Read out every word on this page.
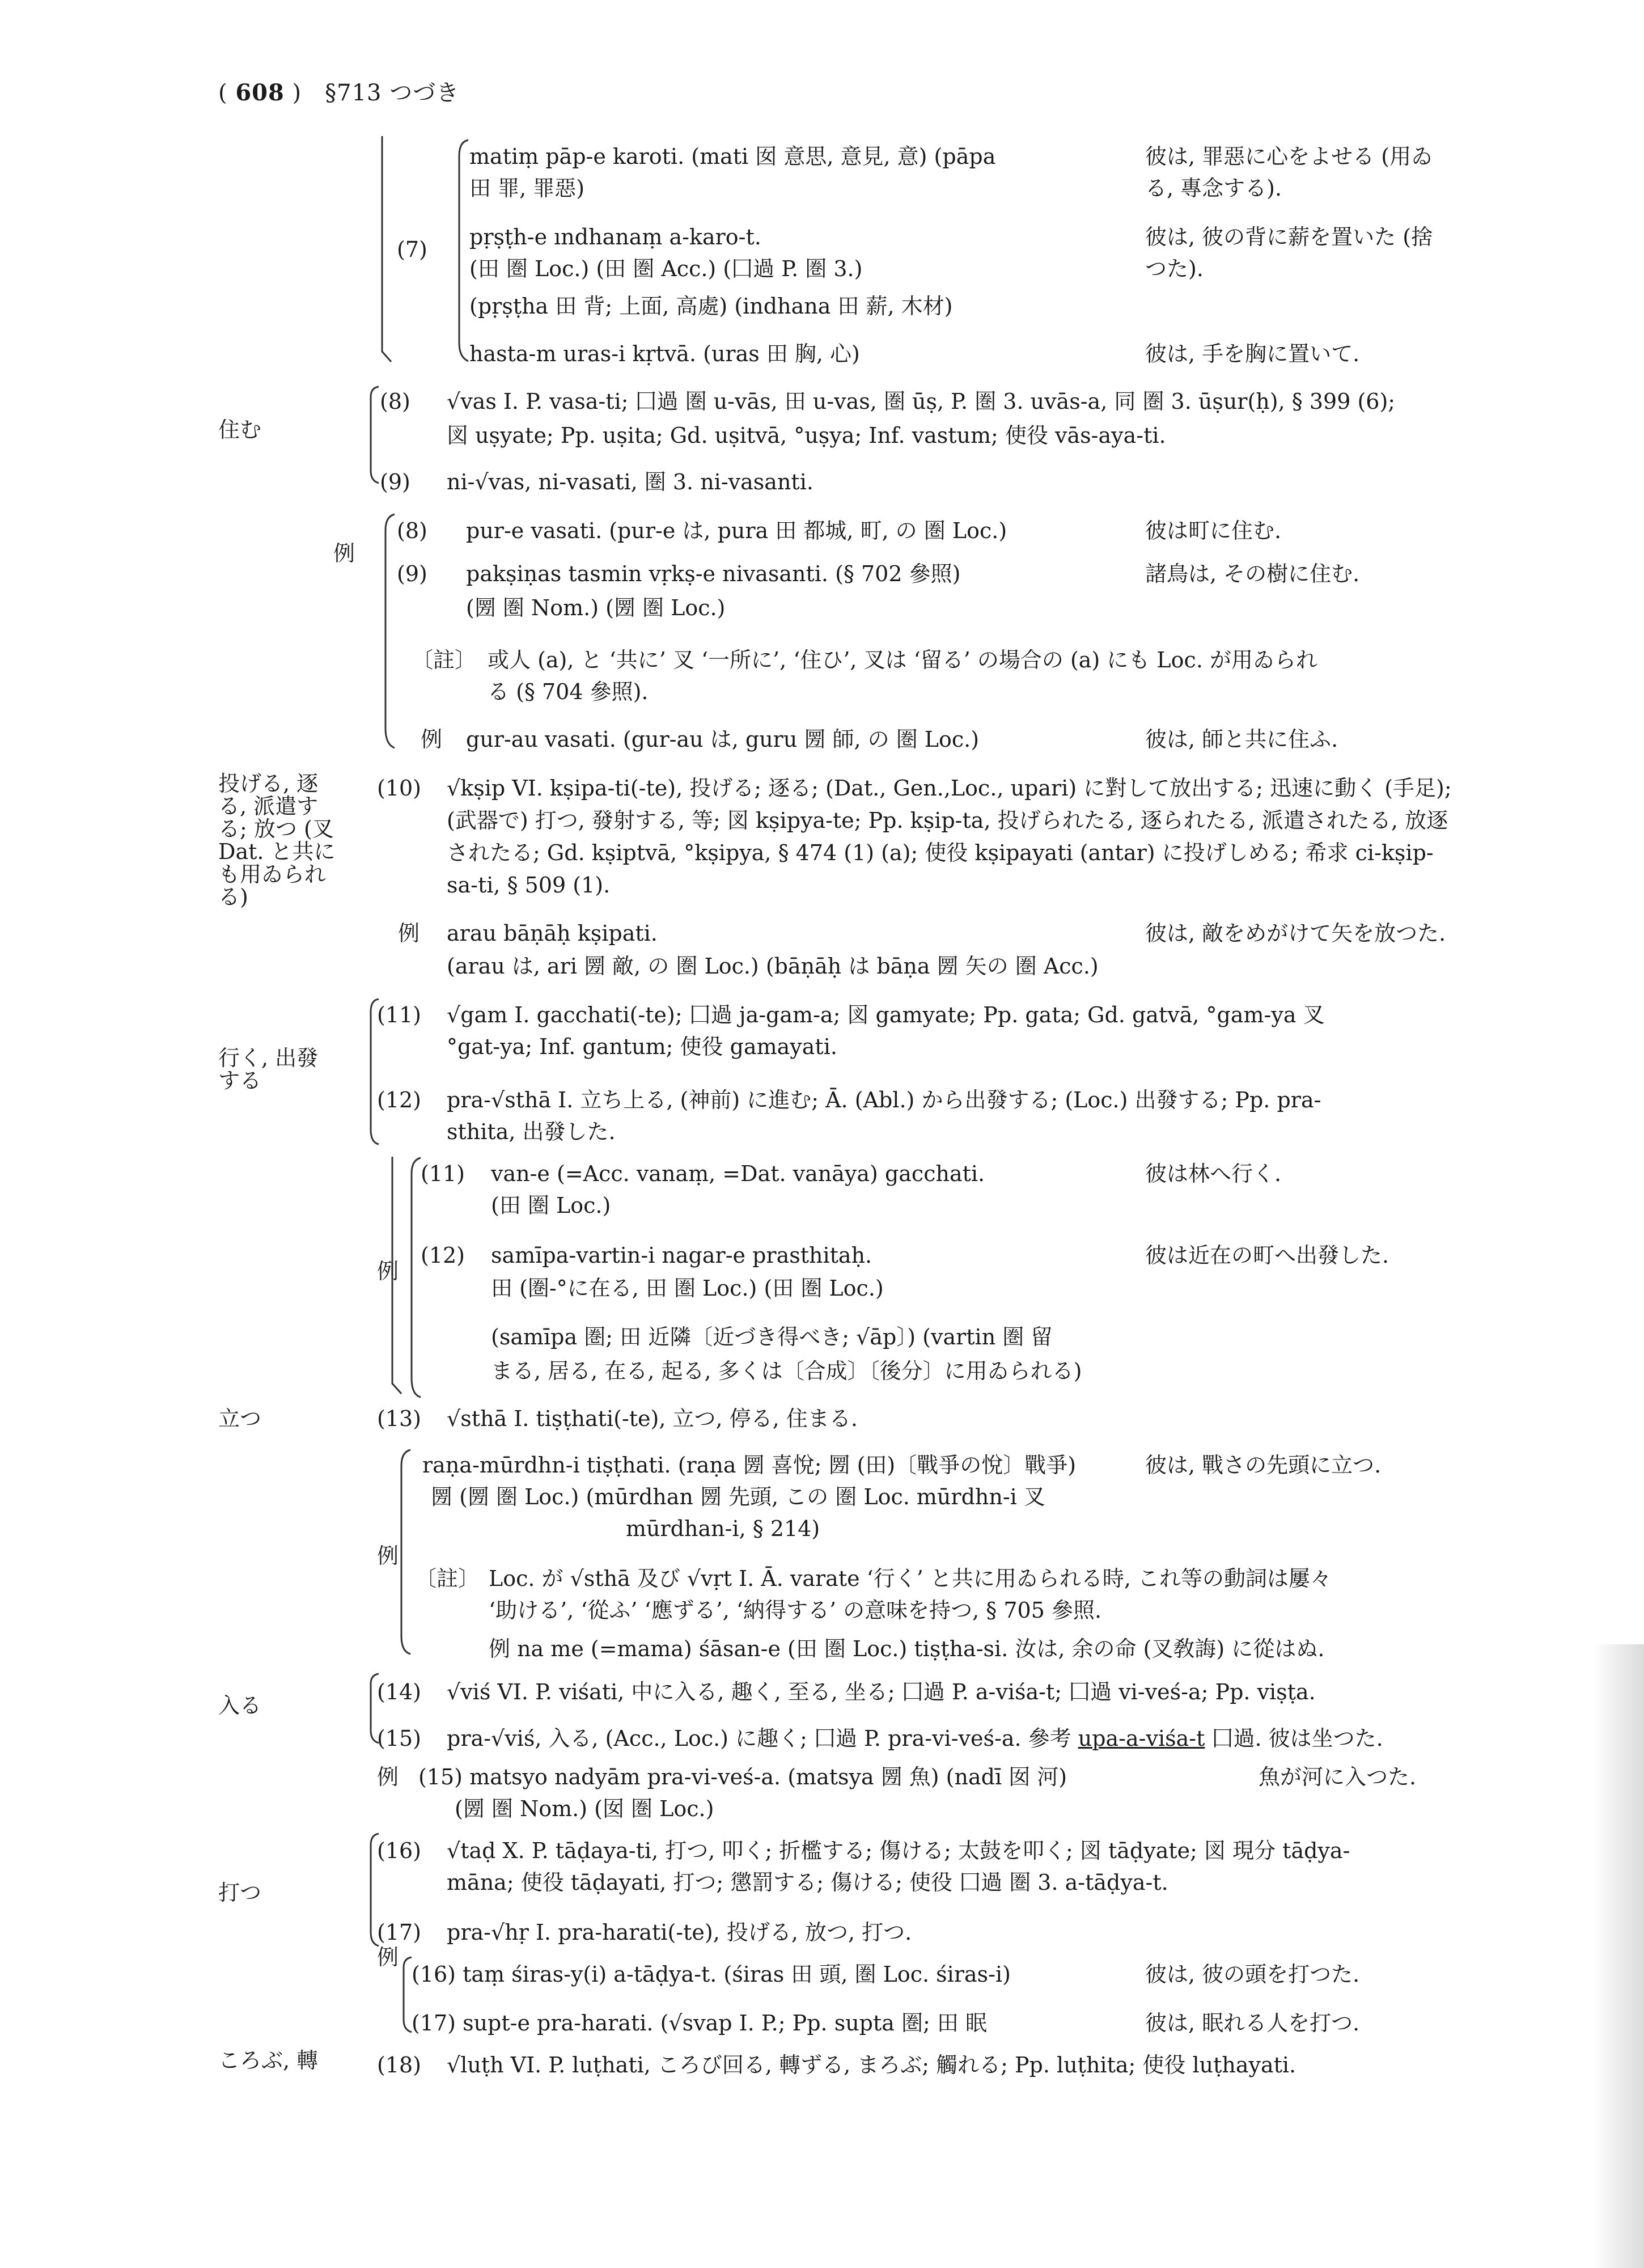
( 608 )　§713 つづき
(7)
matiṃ pāp-e karoti. (mati 囡 意思, 意見, 意) (pāpa
田 罪, 罪惡)
彼は, 罪惡に心をよせる (用ゐ
る, 專念する).
pṛṣṭh-e ındhanaṃ a-karo-t.
(田 圏 Loc.) (田 圏 Acc.) (囗過 P. 圏 3.)
(pṛṣṭha 田 背; 上面, 高處) (indhana 田 薪, 木材)
彼は, 彼の背に薪を置いた (捨
つた).
hasta-m uras-i kṛtvā. (uras 田 胸, 心)	彼は, 手を胸に置いて.
住む
(8) √vas I. P. vasa-ti; 囗過 圏 u-vās, 田 u-vas, 圏 ūṣ, P. 圏 3. uvās-a, 同 圏 3. ūṣur(ḥ), § 399 (6);
図 uṣyate; Pp. uṣita; Gd. uṣitvā, °uṣya; Inf. vastum; 使役 vās-aya-ti.
(9) ni-√vas, ni-vasati, 圏 3. ni-vasanti.
例
(8) pur-e vasati. (pur-e は, pura 田 都城, 町, の 圏 Loc.)	彼は町に住む.
(9) pakṣiṇas tasmin vṛkṣ-e nivasanti. (§ 702 參照)
(圐 圏 Nom.) (圐 圏 Loc.)
諸鳥は, その樹に住む.
〔註〕 或人 (a), と ‘共に’ 叉 ‘一所に’, ‘住ひ’, 叉は ‘留る’ の場合の (a) にも Loc. が用ゐられ
る (§ 704 參照).
例 gur-au vasati. (gur-au は, guru 圐 師, の 圏 Loc.)	彼は, 師と共に住ふ.
投げる, 逐る, 派遣する; 放つ (叉 Dat. と共にも用ゐられる)
(10) √kṣip VI. kṣipa-ti(-te), 投げる; 逐る; (Dat., Gen.,Loc., upari) に對して放出する; 迅速に動く (手足); (武器で) 打つ, 發射する, 等; 図 kṣipya-te; Pp. kṣip-ta, 投げられたる, 逐られたる, 派遣されたる, 放逐されたる; Gd. kṣiptvā, °kṣipya, § 474 (1) (a); 使役 kṣipayati (antar) に投げしめる; 希求 ci-kṣip-sa-ti, § 509 (1).
例 arau bāṇāḥ kṣipati.
(arau は, ari 圐 敵, の 圏 Loc.) (bāṇāḥ は bāṇa 圐 矢の 圏 Acc.)
彼は, 敵をめがけて矢を放つた.
行く, 出發する
(11) √gam I. gacchati(-te); 囗過 ja-gam-a; 図 gamyate; Pp. gata; Gd. gatvā, °gam-ya 叉
°gat-ya; Inf. gantum; 使役 gamayati.
(12) pra-√sthā I. 立ち上る, (神前) に進む; Ā. (Abl.) から出發する; (Loc.) 出發する; Pp. pra-
sthita, 出發した.
例
(11) van-e (=Acc. vanaṃ, =Dat. vanāya) gacchati.
(田 圏 Loc.)
彼は林へ行く.
(12) samīpa-vartin-i nagar-e prasthitaḥ.
田 (圏-°に在る, 田 圏 Loc.) (田 圏 Loc.)
彼は近在の町へ出發した.
(samīpa 圏; 田 近隣〔近づき得べき; √āp〕) (vartin 圏 留
まる, 居る, 在る, 起る, 多くは〔合成〕〔後分〕に用ゐられる)
立つ	(13) √sthā I. tiṣṭhati(-te), 立つ, 停る, 住まる.
例
raṇa-mūrdhn-i tiṣṭhati. (raṇa 圐 喜悅; 圐 (田)〔戰爭の悅〕戰爭)
圐 (圐 圏 Loc.) (mūrdhan 圐 先頭, この 圏 Loc. mūrdhn-i 叉
mūrdhan-i, § 214)
彼は, 戰さの先頭に立つ.
〔註〕 Loc. が √sthā 及び √vṛt I. Ā. varate ‘行く’ と共に用ゐられる時, これ等の動詞は屢々
‘助ける’, ‘從ふ’ ‘應ずる’, ‘納得する’ の意味を持つ, § 705 參照.
例 na me (=mama) śāsan-e (田 圏 Loc.) tiṣṭha-si. 汝は, 余の命 (叉敎誨) に從はぬ.
入る
(14) √viś VI. P. viśati, 中に入る, 趣く, 至る, 坐る; 囗過 P. a-viśa-t; 囗過 vi-veś-a; Pp. viṣṭa.
(15) pra-√viś, 入る, (Acc., Loc.) に趣く; 囗過 P. pra-vi-veś-a. 參考 upa-a-viśa-t 囗過. 彼は坐つた.
例 (15) matsyo nadyām pra-vi-veś-a. (matsya 圐 魚) (nadī 囡 河)
(圐 圏 Nom.) (囡 圏 Loc.)
魚が河に入つた.
打つ
(16) √taḍ X. P. tāḍaya-ti, 打つ, 叩く; 折檻する; 傷ける; 太鼓を叩く; 図 tāḍyate; 図 現分 tāḍya-
māna; 使役 tāḍayati, 打つ; 懲罰する; 傷ける; 使役 囗過 圏 3. a-tāḍya-t.
(17) pra-√hṛ I. pra-harati(-te), 投げる, 放つ, 打つ.
例
(16) taṃ śiras-y(i) a-tāḍya-t. (śiras 田 頭, 圏 Loc. śiras-i)	彼は, 彼の頭を打つた.
(17) supt-e pra-harati. (√svap I. P.; Pp. supta 圏; 田 眠	彼は, 眠れる人を打つ.
ころぶ, 轉	(18) √luṭh VI. P. luṭhati, ころび回る, 轉ずる, まろぶ; 觸れる; Pp. luṭhita; 使役 luṭhayati.
